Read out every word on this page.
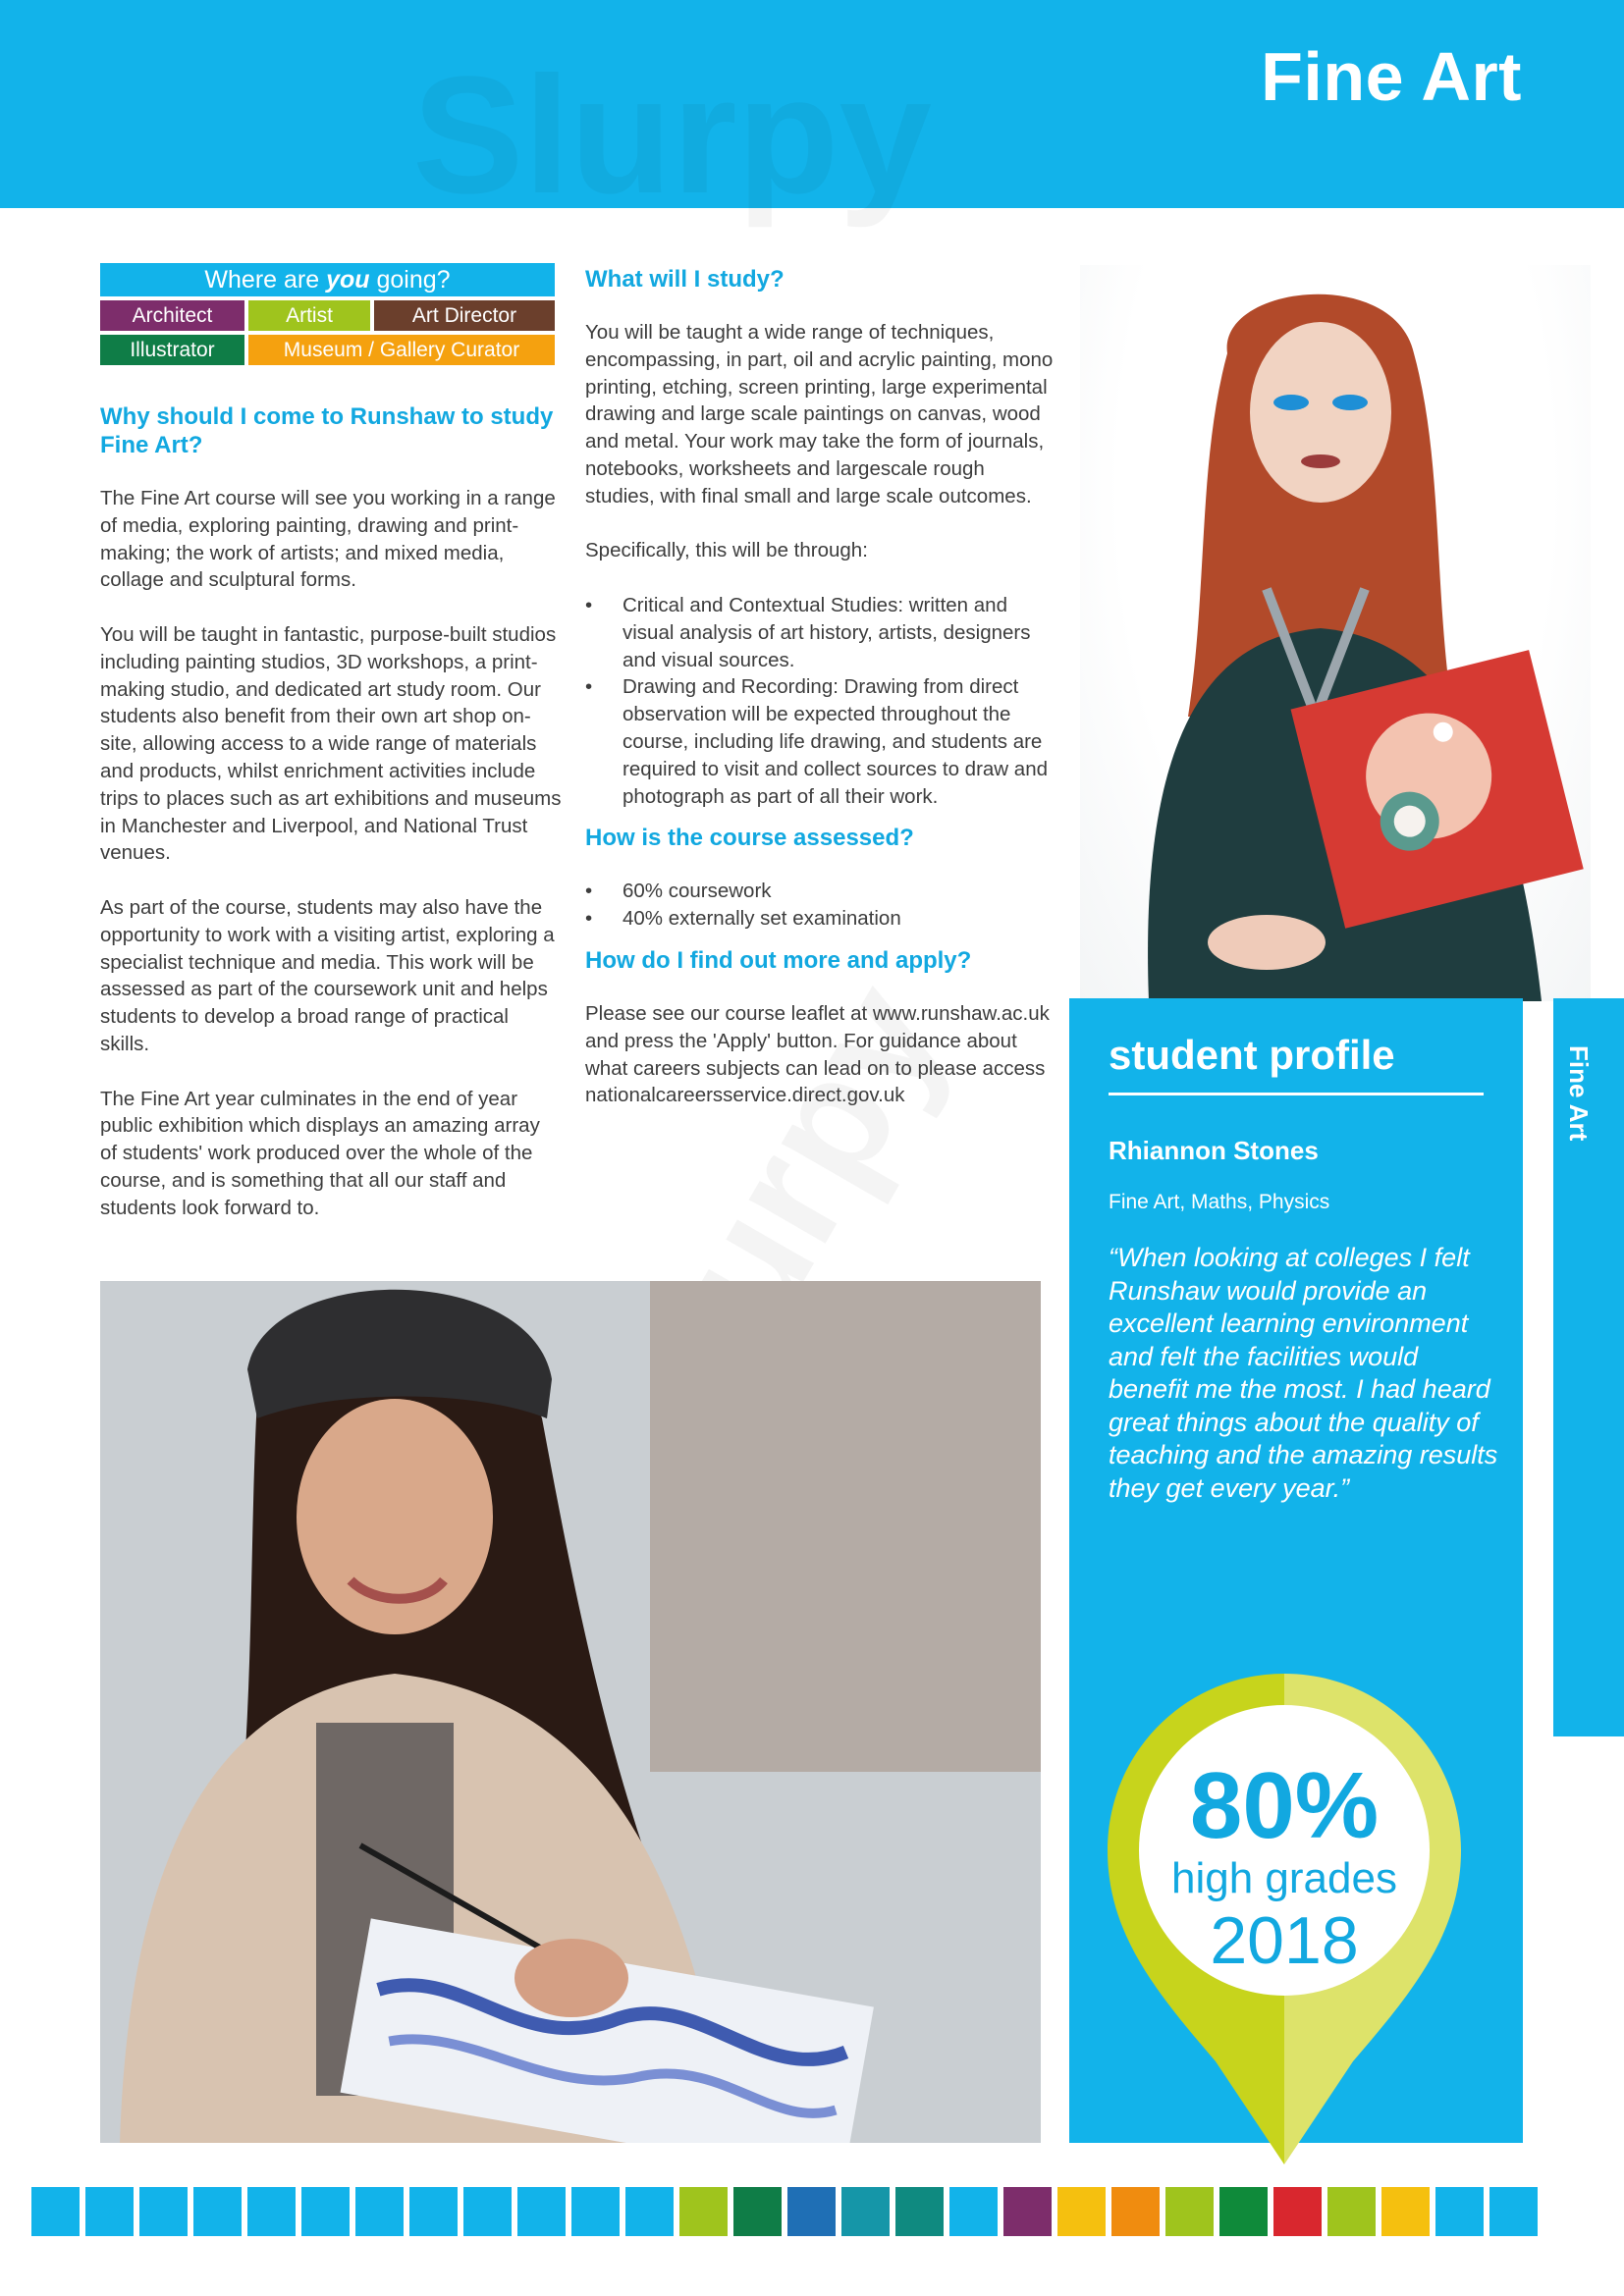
Fine Art
Where are you going?
Architect	Artist	Art Director
Illustrator	Museum / Gallery Curator
Why should I come to Runshaw to study Fine Art?

The Fine Art course will see you working in a range of media, exploring painting, drawing and print-making; the work of artists; and mixed media, collage and sculptural forms.

You will be taught in fantastic, purpose-built studios including painting studios, 3D workshops, a print-making studio, and dedicated art study room. Our students also benefit from their own art shop on-site, allowing access to a wide range of materials and products, whilst enrichment activities include trips to places such as art exhibitions and museums in Manchester and Liverpool, and National Trust venues.

As part of the course, students may also have the opportunity to work with a visiting artist, exploring a specialist technique and media. This work will be assessed as part of the coursework unit and helps students to develop a broad range of practical skills.

The Fine Art year culminates in the end of year public exhibition which displays an amazing array of students' work produced over the whole of the course, and is something that all our staff and students look forward to.

What will I study?

You will be taught a wide range of techniques, encompassing, in part, oil and acrylic painting, mono printing, etching, screen printing, large experimental drawing and large scale paintings on canvas, wood and metal. Your work may take the form of journals, notebooks, worksheets and largescale rough studies, with final small and large scale outcomes.

Specifically, this will be through:

• Critical and Contextual Studies: written and visual analysis of art history, artists, designers and visual sources.
• Drawing and Recording: Drawing from direct observation will be expected throughout the course, including life drawing, and students are required to visit and collect sources to draw and photograph as part of all their work.
How is the course assessed?
• 60% coursework
• 40% externally set examination
How do I find out more and apply?

Please see our course leaflet at www.runshaw.ac.uk and press the 'Apply' button. For guidance about what careers subjects can lead on to please access nationalcareersservice.direct.gov.uk

student profile
Rhiannon Stones
Fine Art, Maths, Physics
“When looking at colleges I felt Runshaw would provide an excellent learning environment and felt the facilities would benefit me the most. I had heard great things about the quality of teaching and the amazing results they get every year.”
Fine Art
80%
high grades
2018
47
